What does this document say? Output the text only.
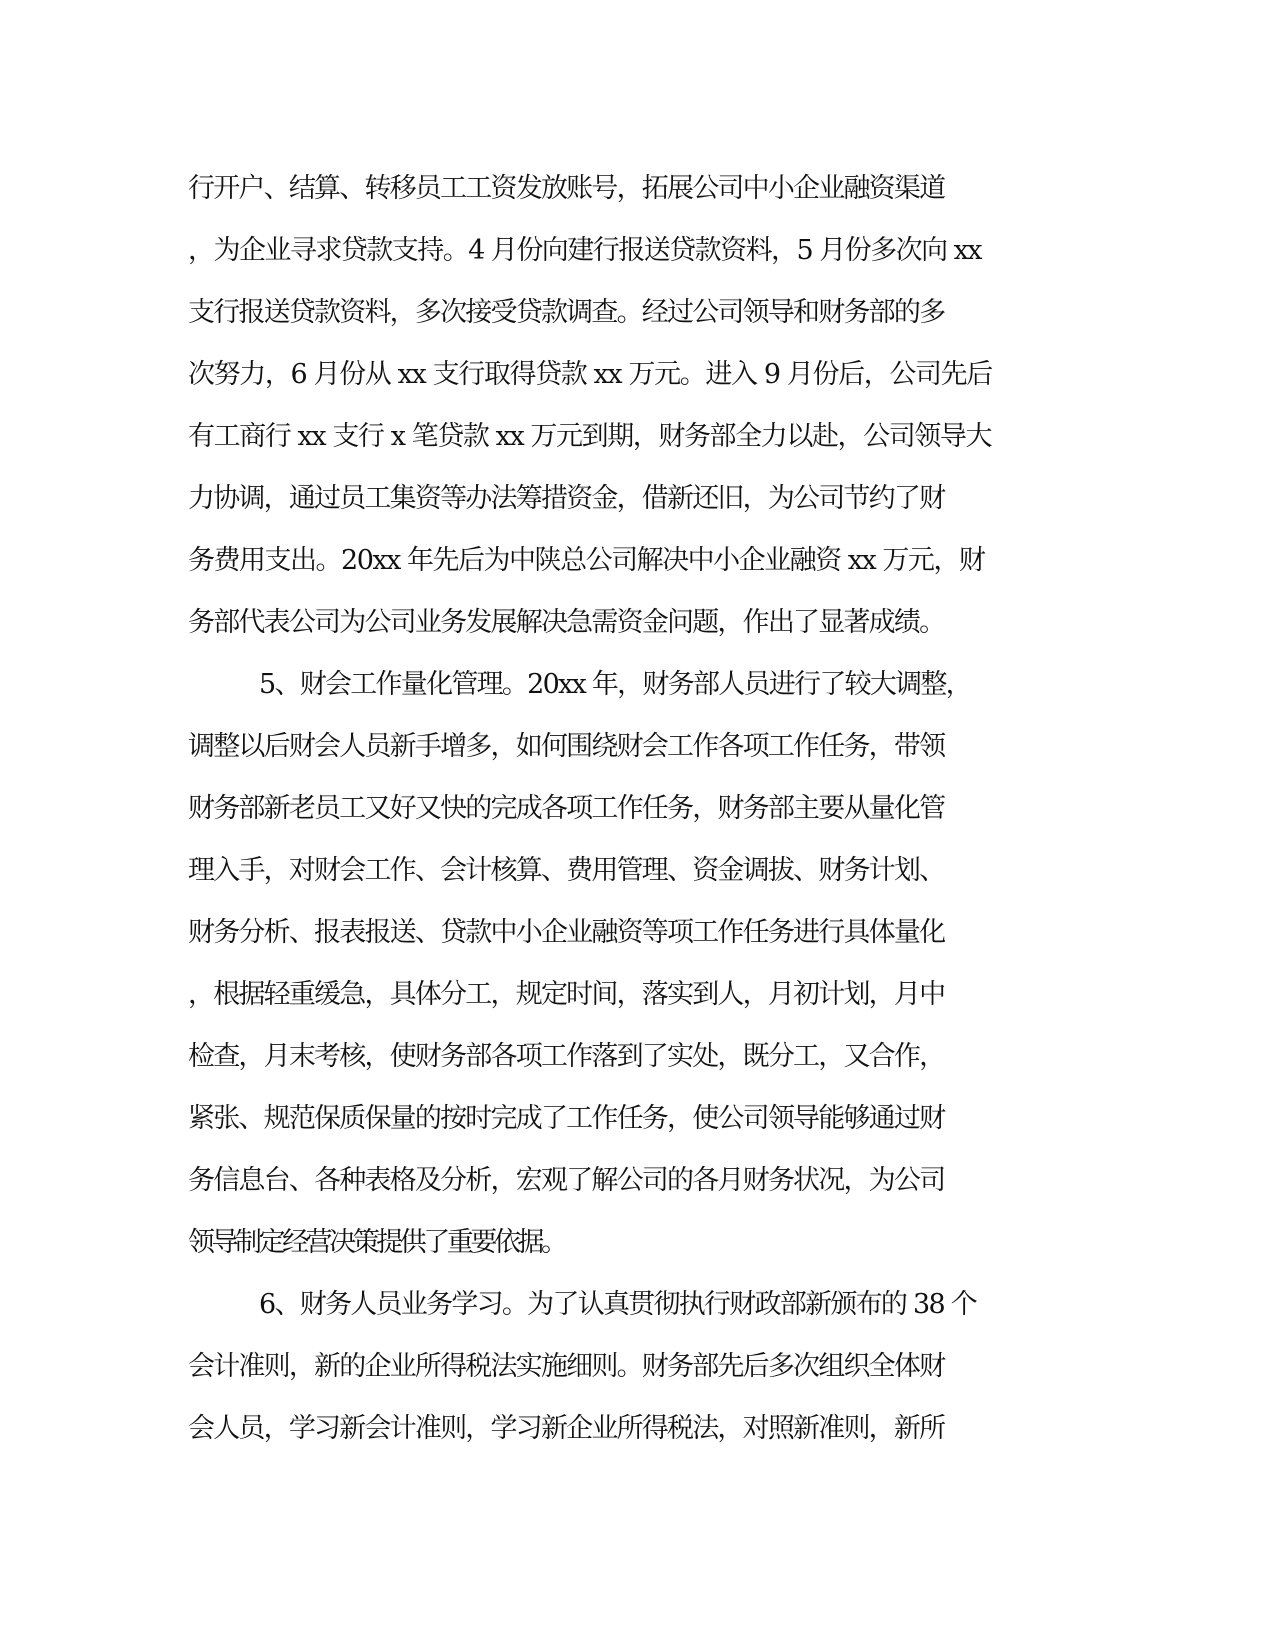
行开户、结算、转移员工工资发放账号，拓展公司中小企业融资渠道
，为企业寻求贷款支持。4 月份向建行报送贷款资料，5 月份多次向 xx
支行报送贷款资料，多次接受贷款调查。经过公司领导和财务部的多
次努力，6 月份从 xx 支行取得贷款 xx 万元。进入 9 月份后，公司先后
有工商行 xx 支行 x 笔贷款 xx 万元到期，财务部全力以赴，公司领导大
力协调，通过员工集资等办法筹措资金，借新还旧，为公司节约了财
务费用支出。20xx 年先后为中陕总公司解决中小企业融资 xx 万元，财
务部代表公司为公司业务发展解决急需资金问题，作出了显著成绩。
5、财会工作量化管理。20xx 年，财务部人员进行了较大调整，
调整以后财会人员新手增多，如何围绕财会工作各项工作任务，带领
财务部新老员工又好又快的完成各项工作任务，财务部主要从量化管
理入手，对财会工作、会计核算、费用管理、资金调拔、财务计划、
财务分析、报表报送、贷款中小企业融资等项工作任务进行具体量化
，根据轻重缓急，具体分工，规定时间，落实到人，月初计划，月中
检查，月末考核，使财务部各项工作落到了实处，既分工，又合作，
紧张、规范保质保量的按时完成了工作任务，使公司领导能够通过财
务信息台、各种表格及分析，宏观了解公司的各月财务状况，为公司
领导制定经营决策提供了重要依据。
6、财务人员业务学习。为了认真贯彻执行财政部新颁布的 38 个
会计准则，新的企业所得税法实施细则。财务部先后多次组织全体财
会人员，学习新会计准则，学习新企业所得税法，对照新准则，新所
